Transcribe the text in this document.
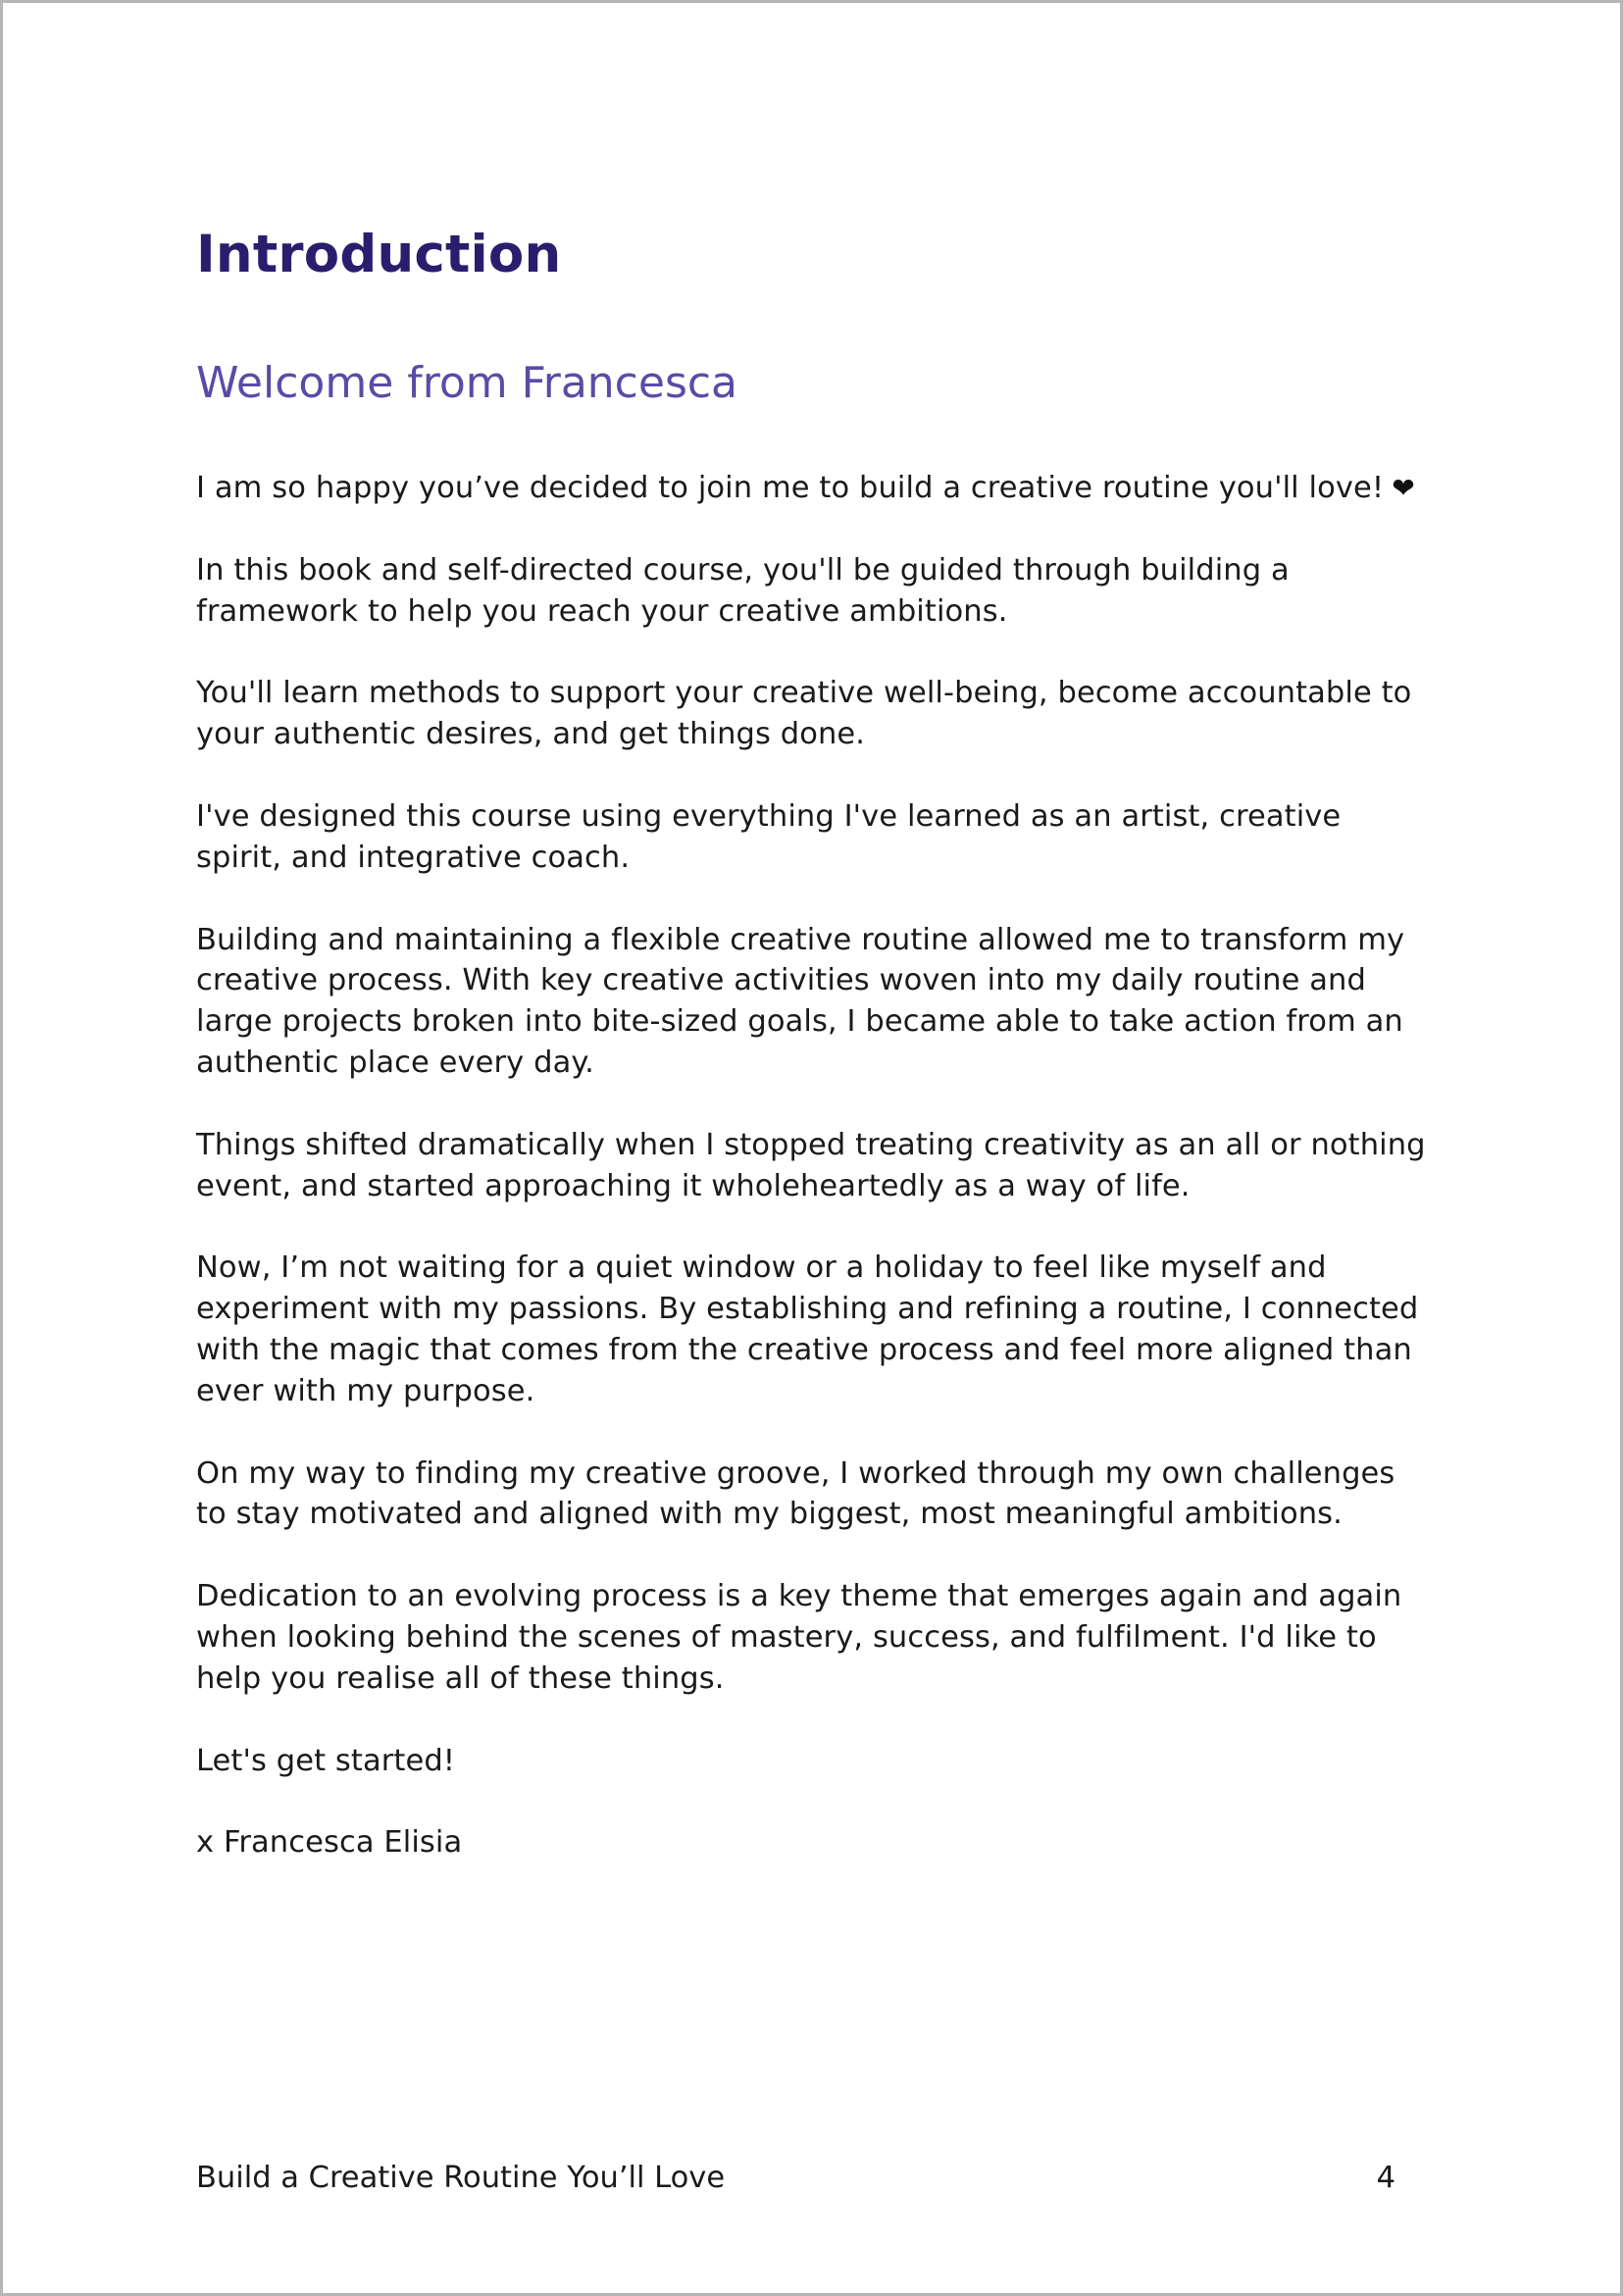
Introduction
Welcome from Francesca

I am so happy you’ve decided to join me to build a creative routine you'll love! ❤

In this book and self-directed course, you'll be guided through building a framework to help you reach your creative ambitions.

You'll learn methods to support your creative well-being, become accountable to your authentic desires, and get things done.

I've designed this course using everything I've learned as an artist, creative spirit, and integrative coach.

Building and maintaining a flexible creative routine allowed me to transform my creative process. With key creative activities woven into my daily routine and large projects broken into bite-sized goals, I became able to take action from an authentic place every day.

Things shifted dramatically when I stopped treating creativity as an all or nothing event, and started approaching it wholeheartedly as a way of life.

Now, I’m not waiting for a quiet window or a holiday to feel like myself and experiment with my passions. By establishing and refining a routine, I connected with the magic that comes from the creative process and feel more aligned than ever with my purpose.

On my way to finding my creative groove, I worked through my own challenges to stay motivated and aligned with my biggest, most meaningful ambitions.

Dedication to an evolving process is a key theme that emerges again and again when looking behind the scenes of mastery, success, and fulfilment. I'd like to help you realise all of these things.

Let's get started!

x Francesca Elisia

Build a Creative Routine You’ll Love	4
